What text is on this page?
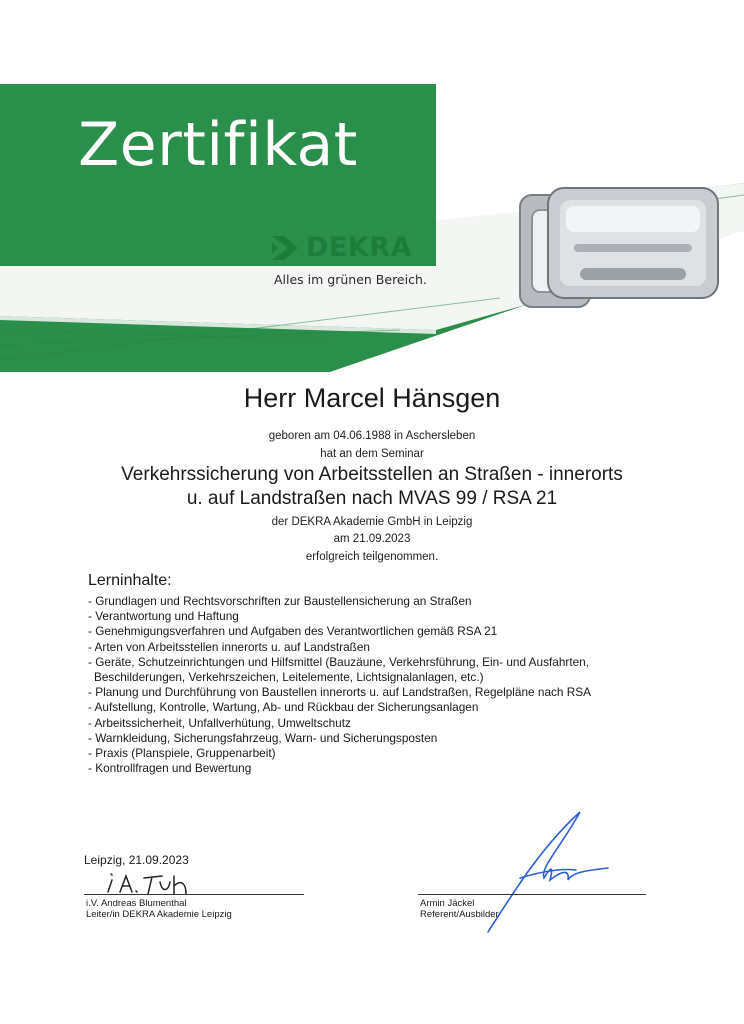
Zertifikat
DEKRA
Alles im grünen Bereich.
Herr Marcel Hänsgen
geboren am 04.06.1988 in Aschersleben
hat an dem Seminar
Verkehrssicherung von Arbeitsstellen an Straßen - innerorts
u. auf Landstraßen nach MVAS 99 / RSA 21
der DEKRA Akademie GmbH in Leipzig
am 21.09.2023
erfolgreich teilgenommen.
Lerninhalte:
- Grundlagen und Rechtsvorschriften zur Baustellensicherung an Straßen
- Verantwortung und Haftung
- Genehmigungsverfahren und Aufgaben des Verantwortlichen gemäß RSA 21
- Arten von Arbeitsstellen innerorts u. auf Landstraßen
- Geräte, Schutzeinrichtungen und Hilfsmittel (Bauzäune, Verkehrsführung, Ein- und Ausfahrten,
Beschilderungen, Verkehrszeichen, Leitelemente, Lichtsignalanlagen, etc.)
- Planung und Durchführung von Baustellen innerorts u. auf Landstraßen, Regelpläne nach RSA
- Aufstellung, Kontrolle, Wartung, Ab- und Rückbau der Sicherungsanlagen
- Arbeitssicherheit, Unfallverhütung, Umweltschutz
- Warnkleidung, Sicherungsfahrzeug, Warn- und Sicherungsposten
- Praxis (Planspiele, Gruppenarbeit)
- Kontrollfragen und Bewertung
Leipzig, 21.09.2023
i.V. Andreas Blumenthal
Leiter/in DEKRA Akademie Leipzig
Armin Jäckel
Referent/Ausbilder
